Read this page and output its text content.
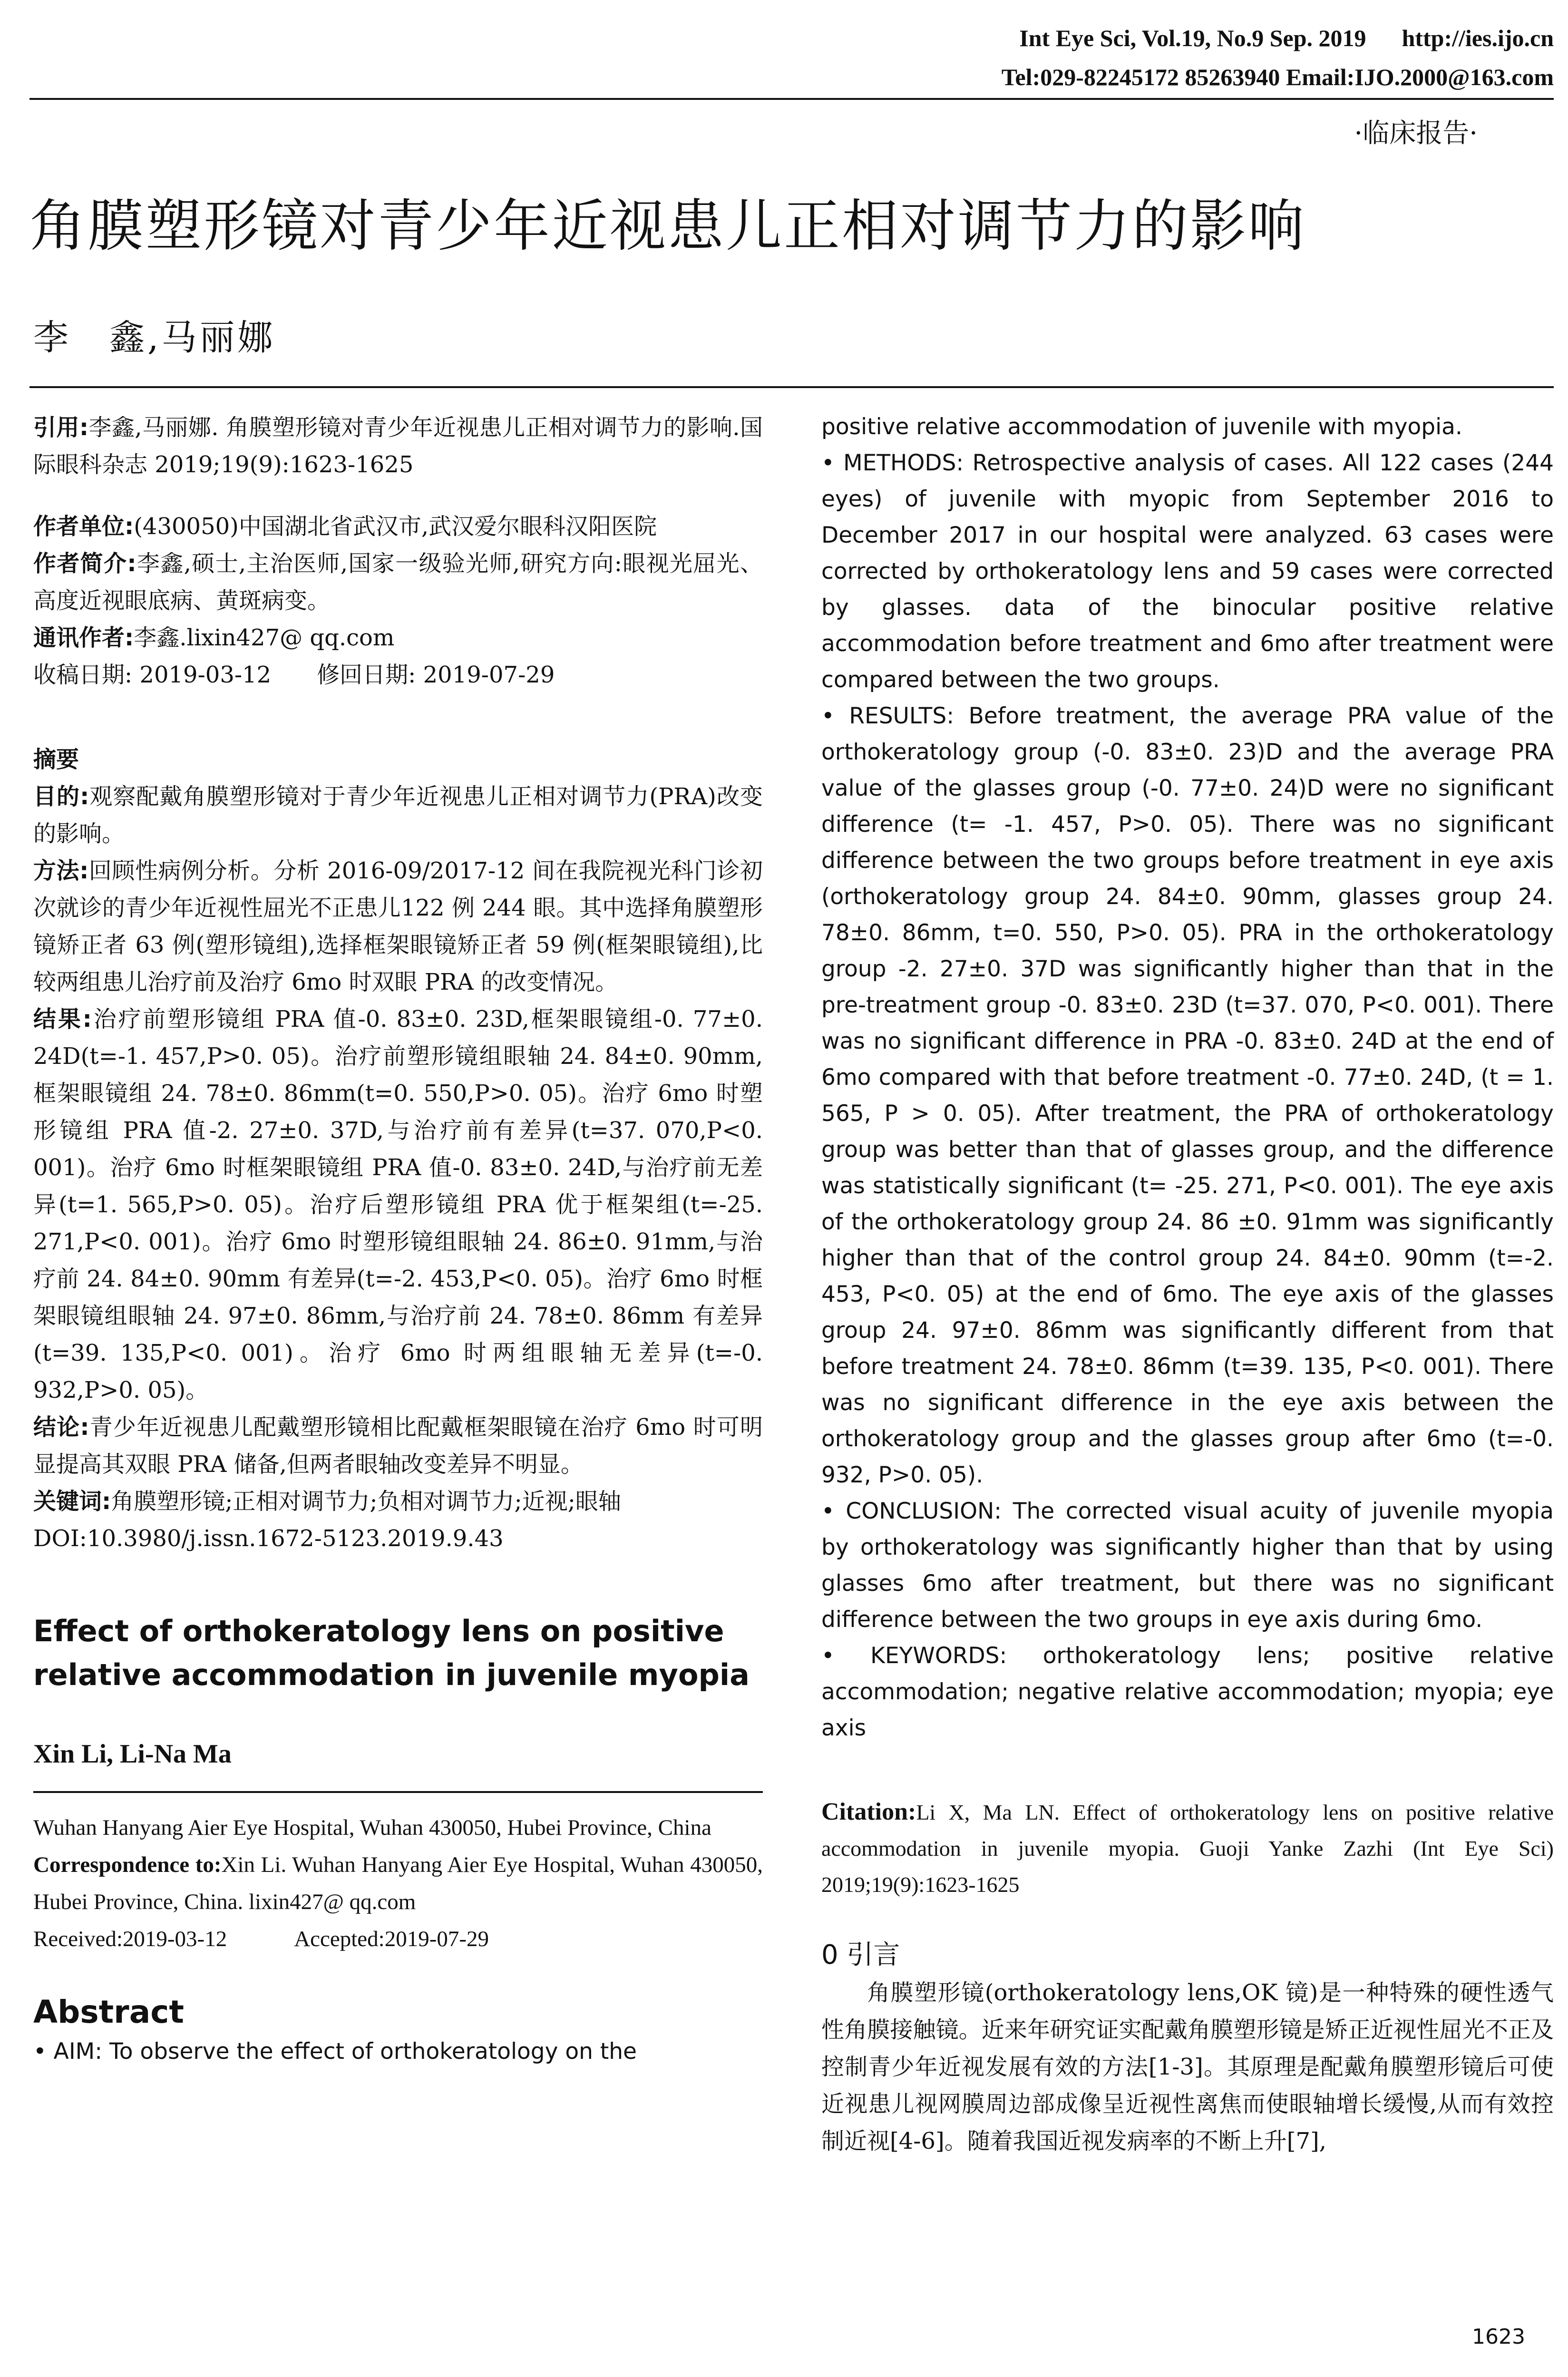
Int Eye Sci, Vol.19, No.9 Sep. 2019 http://ies.ijo.cn
Tel:029-82245172 85263940 Email:IJO.2000@163.com
·临床报告·
角膜塑形镜对青少年近视患儿正相对调节力的影响
李　鑫,马丽娜

引用:李鑫,马丽娜. 角膜塑形镜对青少年近视患儿正相对调节力的影响.国际眼科杂志 2019;19(9):1623-1625

作者单位:(430050)中国湖北省武汉市,武汉爱尔眼科汉阳医院

作者简介:李鑫,硕士,主治医师,国家一级验光师,研究方向:眼视光屈光、高度近视眼底病、黄斑病变。

通讯作者:李鑫.lixin427@ qq.com

收稿日期: 2019-03-12　　修回日期: 2019-07-29

摘要

目的:观察配戴角膜塑形镜对于青少年近视患儿正相对调节力(PRA)改变的影响。

方法:回顾性病例分析。分析 2016-09/2017-12 间在我院视光科门诊初次就诊的青少年近视性屈光不正患儿122 例 244 眼。其中选择角膜塑形镜矫正者 63 例(塑形镜组),选择框架眼镜矫正者 59 例(框架眼镜组),比较两组患儿治疗前及治疗 6mo 时双眼 PRA 的改变情况。

结果:治疗前塑形镜组 PRA 值-0. 83±0. 23D,框架眼镜组-0. 77±0. 24D(t=-1. 457,P>0. 05)。治疗前塑形镜组眼轴 24. 84±0. 90mm,框架眼镜组 24. 78±0. 86mm(t=0. 550,P>0. 05)。治疗 6mo 时塑形镜组 PRA 值-2. 27±0. 37D,与治疗前有差异(t=37. 070,P<0. 001)。治疗 6mo 时框架眼镜组 PRA 值-0. 83±0. 24D,与治疗前无差异(t=1. 565,P>0. 05)。治疗后塑形镜组 PRA 优于框架组(t=-25. 271,P<0. 001)。治疗 6mo 时塑形镜组眼轴 24. 86±0. 91mm,与治疗前 24. 84±0. 90mm 有差异(t=-2. 453,P<0. 05)。治疗 6mo 时框架眼镜组眼轴 24. 97±0. 86mm,与治疗前 24. 78±0. 86mm 有差异(t=39. 135,P<0. 001)。治疗 6mo 时两组眼轴无差异(t=-0. 932,P>0. 05)。

结论:青少年近视患儿配戴塑形镜相比配戴框架眼镜在治疗 6mo 时可明显提高其双眼 PRA 储备,但两者眼轴改变差异不明显。

关键词:角膜塑形镜;正相对调节力;负相对调节力;近视;眼轴

DOI:10.3980/j.issn.1672-5123.2019.9.43

Effect of orthokeratology lens on positive relative accommodation in juvenile myopia

Xin Li, Li-Na Ma

Wuhan Hanyang Aier Eye Hospital, Wuhan 430050, Hubei Province, China

Correspondence to:Xin Li. Wuhan Hanyang Aier Eye Hospital, Wuhan 430050, Hubei Province, China. lixin427@ qq.com

Received:2019-03-12　　　Accepted:2019-07-29

Abstract

• AIM: To observe the effect of orthokeratology on the

positive relative accommodation of juvenile with myopia.

• METHODS: Retrospective analysis of cases. All 122 cases (244 eyes) of juvenile with myopic from September 2016 to December 2017 in our hospital were analyzed. 63 cases were corrected by orthokeratology lens and 59 cases were corrected by glasses. data of the binocular positive relative accommodation before treatment and 6mo after treatment were compared between the two groups.

• RESULTS: Before treatment, the average PRA value of the orthokeratology group (-0. 83±0. 23)D and the average PRA value of the glasses group (-0. 77±0. 24)D were no significant difference (t= -1. 457, P>0. 05). There was no significant difference between the two groups before treatment in eye axis (orthokeratology group 24. 84±0. 90mm, glasses group 24. 78±0. 86mm, t=0. 550, P>0. 05). PRA in the orthokeratology group -2. 27±0. 37D was significantly higher than that in the pre-treatment group -0. 83±0. 23D (t=37. 070, P<0. 001). There was no significant difference in PRA -0. 83±0. 24D at the end of 6mo compared with that before treatment -0. 77±0. 24D, (t = 1. 565, P > 0. 05). After treatment, the PRA of orthokeratology group was better than that of glasses group, and the difference was statistically significant (t= -25. 271, P<0. 001). The eye axis of the orthokeratology group 24. 86 ±0. 91mm was significantly higher than that of the control group 24. 84±0. 90mm (t=-2. 453, P<0. 05) at the end of 6mo. The eye axis of the glasses group 24. 97±0. 86mm was significantly different from that before treatment 24. 78±0. 86mm (t=39. 135, P<0. 001). There was no significant difference in the eye axis between the orthokeratology group and the glasses group after 6mo (t=-0. 932, P>0. 05).

• CONCLUSION: The corrected visual acuity of juvenile myopia by orthokeratology was significantly higher than that by using glasses 6mo after treatment, but there was no significant difference between the two groups in eye axis during 6mo.

• KEYWORDS: orthokeratology lens; positive relative accommodation; negative relative accommodation; myopia; eye axis

Citation:Li X, Ma LN. Effect of orthokeratology lens on positive relative accommodation in juvenile myopia. Guoji Yanke Zazhi (Int Eye Sci) 2019;19(9):1623-1625

0 引言

角膜塑形镜(orthokeratology lens,OK 镜)是一种特殊的硬性透气性角膜接触镜。近来年研究证实配戴角膜塑形镜是矫正近视性屈光不正及控制青少年近视发展有效的方法[1-3]。其原理是配戴角膜塑形镜后可使近视患儿视网膜周边部成像呈近视性离焦而使眼轴增长缓慢,从而有效控制近视[4-6]。随着我国近视发病率的不断上升[7],

1623
